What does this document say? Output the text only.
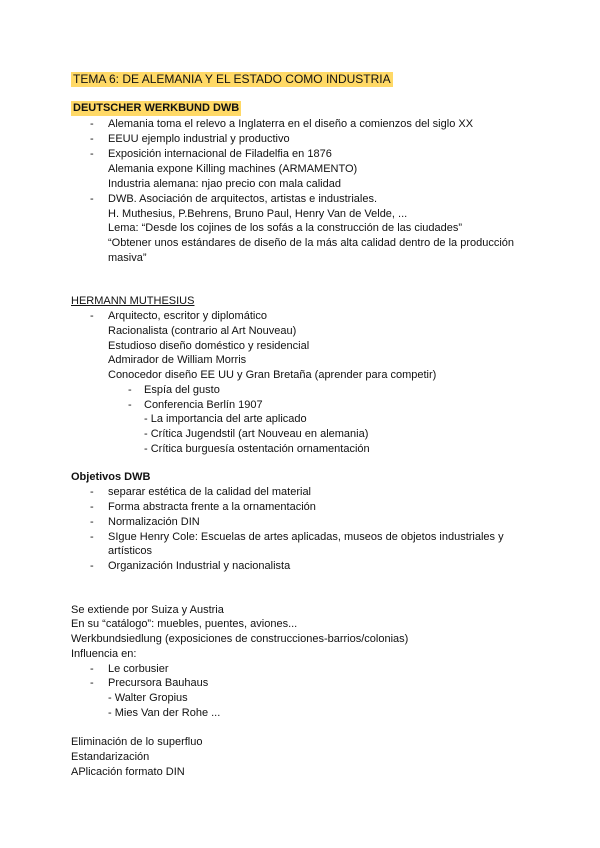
TEMA 6: DE ALEMANIA Y EL ESTADO COMO INDUSTRIA
DEUTSCHER WERKBUND DWB
- Alemania toma el relevo a Inglaterra en el diseño a comienzos del siglo XX
- EEUU ejemplo industrial y productivo
- Exposición internacional de Filadelfia en 1876
Alemania expone Killing machines (ARMAMENTO)
Industria alemana: njao precio con mala calidad
- DWB. Asociación de arquitectos, artistas e industriales.
H. Muthesius, P.Behrens, Bruno Paul, Henry Van de Velde, ...
Lema: “Desde los cojines de los sofás a la construcción de las ciudades”
“Obtener unos estándares de diseño de la más alta calidad dentro de la producción
masiva”
HERMANN MUTHESIUS
- Arquitecto, escritor y diplomático
Racionalista (contrario al Art Nouveau)
Estudioso diseño doméstico y residencial
Admirador de William Morris
Conocedor diseño EE UU y Gran Bretaña (aprender para competir)
- Espía del gusto
- Conferencia Berlín 1907
- La importancia del arte aplicado
- Crítica Jugendstil (art Nouveau en alemania)
- Crítica burguesía ostentación ornamentación
Objetivos DWB
- separar estética de la calidad del material
- Forma abstracta frente a la ornamentación
- Normalización DIN
- SIgue Henry Cole: Escuelas de artes aplicadas, museos de objetos industriales y
artísticos
- Organización Industrial y nacionalista
Se extiende por Suiza y Austria
En su “catálogo”: muebles, puentes, aviones...
Werkbundsiedlung (exposiciones de construcciones-barrios/colonias)
Influencia en:
- Le corbusier
- Precursora Bauhaus
- Walter Gropius
- Mies Van der Rohe ...
Eliminación de lo superfluo
Estandarización
APlicación formato DIN
